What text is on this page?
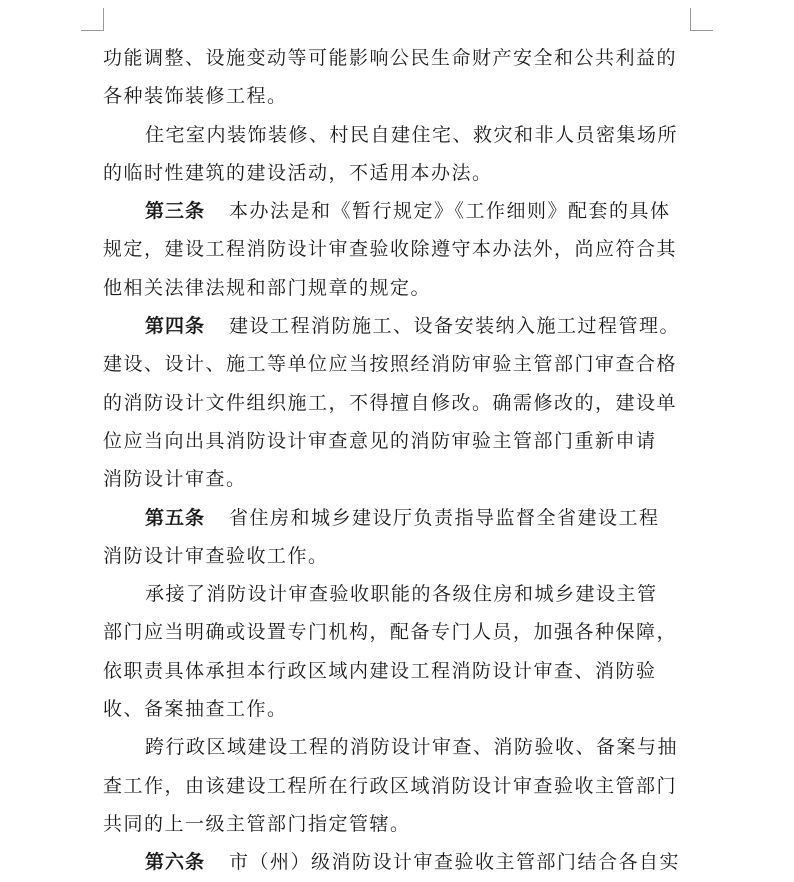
功能调整、设施变动等可能影响公民生命财产安全和公共利益的
各种装饰装修工程。

住宅室内装饰装修、村民自建住宅、救灾和非人员密集场所
的临时性建筑的建设活动，不适用本办法。

第三条 本办法是和《暂行规定》《工作细则》配套的具体
规定，建设工程消防设计审查验收除遵守本办法外，尚应符合其
他相关法律法规和部门规章的规定。

第四条 建设工程消防施工、设备安装纳入施工过程管理。
建设、设计、施工等单位应当按照经消防审验主管部门审查合格
的消防设计文件组织施工，不得擅自修改。确需修改的，建设单
位应当向出具消防设计审查意见的消防审验主管部门重新申请
消防设计审查。

第五条 省住房和城乡建设厅负责指导监督全省建设工程
消防设计审查验收工作。

承接了消防设计审查验收职能的各级住房和城乡建设主管
部门应当明确或设置专门机构，配备专门人员，加强各种保障，
依职责具体承担本行政区域内建设工程消防设计审查、消防验
收、备案抽查工作。

跨行政区域建设工程的消防设计审查、消防验收、备案与抽
查工作，由该建设工程所在行政区域消防设计审查验收主管部门
共同的上一级主管部门指定管辖。

第六条 市（州）级消防设计审查验收主管部门结合各自实
